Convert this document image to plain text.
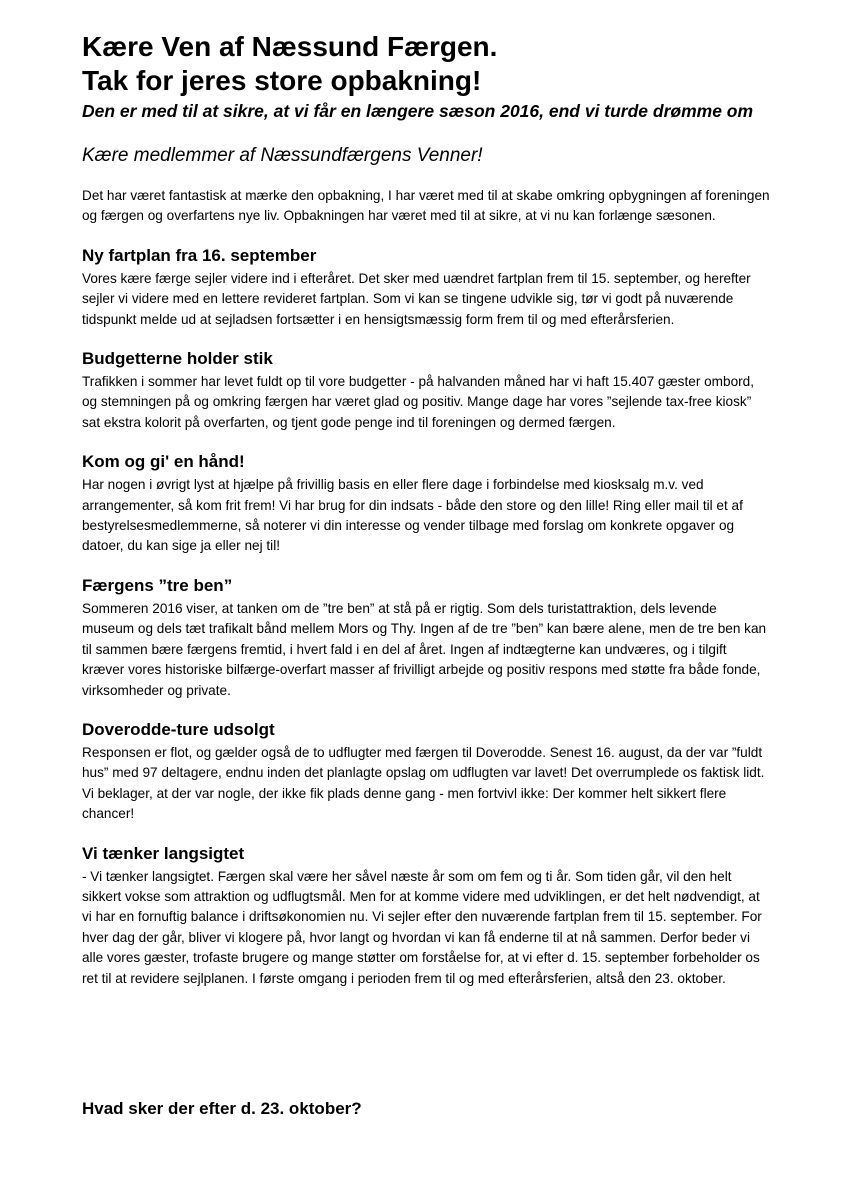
Kære Ven af Næssund Færgen.
Tak for jeres store opbakning!

Den er med til at sikre, at vi får en længere sæson 2016, end vi turde drømme om

Kære medlemmer af Næssundfærgens Venner!

Det har været fantastisk at mærke den opbakning, I har været med til at skabe omkring opbygningen af foreningen og færgen og overfartens nye liv. Opbakningen har været med til at sikre, at vi nu kan forlænge sæsonen.

Ny fartplan fra 16. september

Vores kære færge sejler videre ind i efteråret. Det sker med uændret fartplan frem til 15. september, og herefter sejler vi videre med en lettere revideret fartplan. Som vi kan se tingene udvikle sig, tør vi godt på nuværende tidspunkt melde ud at sejladsen fortsætter i en hensigtsmæssig form frem til og med efterårsferien.

Budgetterne holder stik

Trafikken i sommer har levet fuldt op til vore budgetter - på halvanden måned har vi haft 15.407 gæster ombord, og stemningen på og omkring færgen har været glad og positiv. Mange dage har vores ”sejlende tax-free kiosk” sat ekstra kolorit på overfarten, og tjent gode penge ind til foreningen og dermed færgen.

Kom og gi' en hånd!

Har nogen i øvrigt lyst at hjælpe på frivillig basis en eller flere dage i forbindelse med kiosksalg m.v. ved arrangementer, så kom frit frem! Vi har brug for din indsats - både den store og den lille! Ring eller mail til et af bestyrelsesmedlemmerne, så noterer vi din interesse og vender tilbage med forslag om konkrete opgaver og datoer, du kan sige ja eller nej til!

Færgens ”tre ben”

Sommeren 2016 viser, at tanken om de ”tre ben” at stå på er rigtig. Som dels turistattraktion, dels levende museum og dels tæt trafikalt bånd mellem Mors og Thy. Ingen af de tre ”ben” kan bære alene, men de tre ben kan til sammen bære færgens fremtid, i hvert fald i en del af året. Ingen af indtægterne kan undværes, og i tilgift kræver vores historiske bilfærge-overfart masser af frivilligt arbejde og positiv respons med støtte fra både fonde, virksomheder og private.

Doverodde-ture udsolgt

Responsen er flot, og gælder også de to udflugter med færgen til Doverodde. Senest 16. august, da der var ”fuldt hus” med 97 deltagere, endnu inden det planlagte opslag om udflugten var lavet! Det overrumplede os faktisk lidt. Vi beklager, at der var nogle, der ikke fik plads denne gang - men fortvivl ikke: Der kommer helt sikkert flere chancer!

Vi tænker langsigtet

- Vi tænker langsigtet. Færgen skal være her såvel næste år som om fem og ti år. Som tiden går, vil den helt sikkert vokse som attraktion og udflugtsmål. Men for at komme videre med udviklingen, er det helt nødvendigt, at vi har en fornuftig balance i driftsøkonomien nu. Vi sejler efter den nuværende fartplan frem til 15. september. For hver dag der går, bliver vi klogere på, hvor langt og hvordan vi kan få enderne til at nå sammen. Derfor beder vi alle vores gæster, trofaste brugere og mange støtter om forståelse for, at vi efter d. 15. september forbeholder os ret til at revidere sejlplanen. I første omgang i perioden frem til og med efterårsferien, altså den 23. oktober.

Hvad sker der efter d. 23. oktober?
